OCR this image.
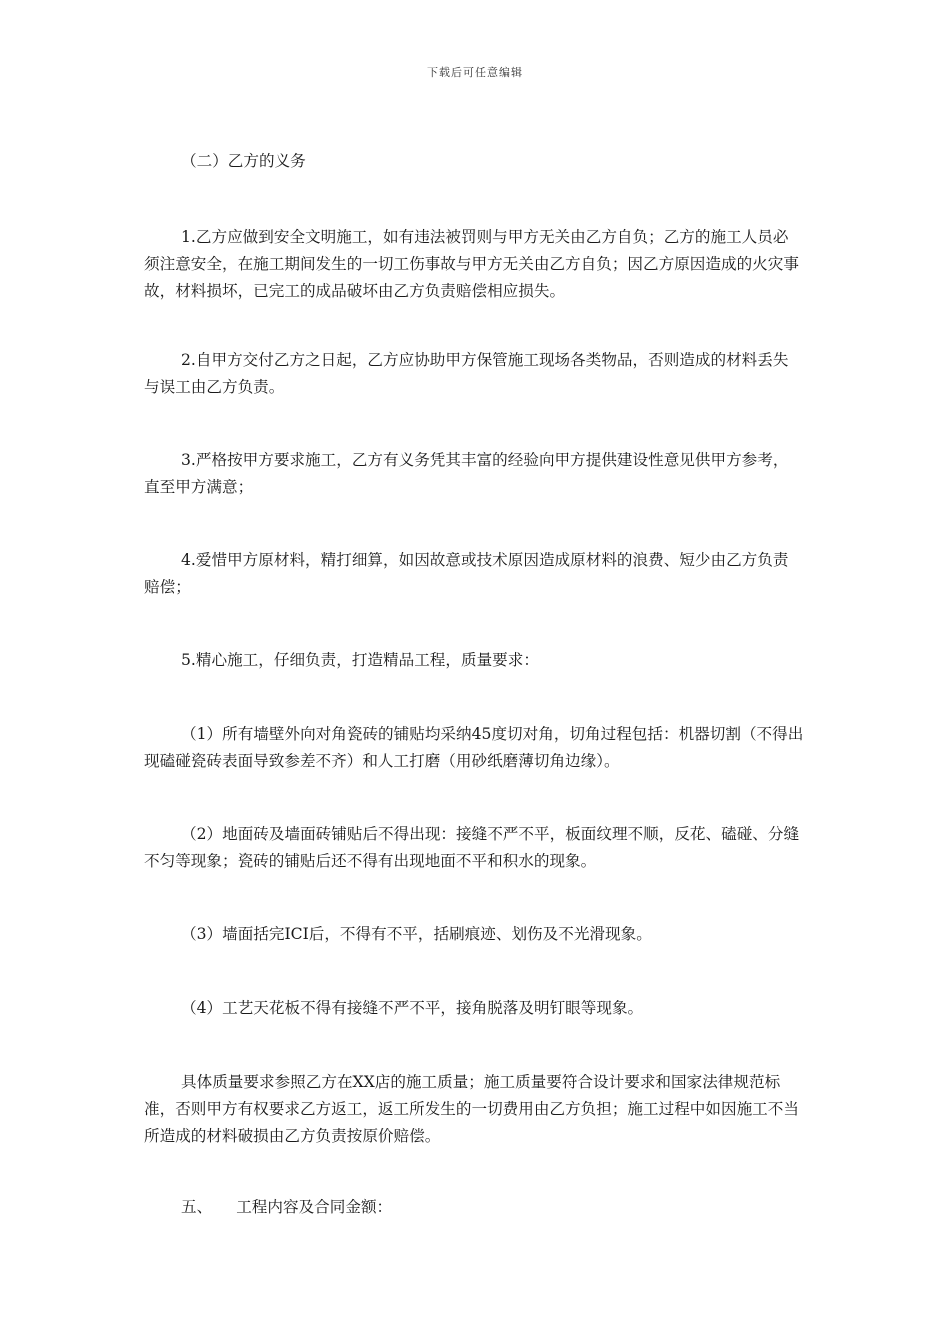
下载后可任意编辑

（二）乙方的义务

1.乙方应做到安全文明施工，如有违法被罚则与甲方无关由乙方自负；乙方的施工人员必须注意安全，在施工期间发生的一切工伤事故与甲方无关由乙方自负；因乙方原因造成的火灾事故，材料损坏，已完工的成品破坏由乙方负责赔偿相应损失。

2.自甲方交付乙方之日起，乙方应协助甲方保管施工现场各类物品，否则造成的材料丢失与误工由乙方负责。

3.严格按甲方要求施工，乙方有义务凭其丰富的经验向甲方提供建设性意见供甲方参考，直至甲方满意；

4.爱惜甲方原材料，精打细算，如因故意或技术原因造成原材料的浪费、短少由乙方负责赔偿；

5.精心施工，仔细负责，打造精品工程，质量要求：

（1）所有墙壁外向对角瓷砖的铺贴均采纳45度切对角，切角过程包括：机器切割（不得出现磕碰瓷砖表面导致参差不齐）和人工打磨（用砂纸磨薄切角边缘）。

（2）地面砖及墙面砖铺贴后不得出现：接缝不严不平，板面纹理不顺，反花、磕碰、分缝不匀等现象；瓷砖的铺贴后还不得有出现地面不平和积水的现象。

（3）墙面括完ICI后，不得有不平，括刷痕迹、划伤及不光滑现象。

（4）工艺天花板不得有接缝不严不平，接角脱落及明钉眼等现象。

具体质量要求参照乙方在XX店的施工质量；施工质量要符合设计要求和国家法律规范标准，否则甲方有权要求乙方返工，返工所发生的一切费用由乙方负担；施工过程中如因施工不当所造成的材料破损由乙方负责按原价赔偿。

五、 工程内容及合同金额：
